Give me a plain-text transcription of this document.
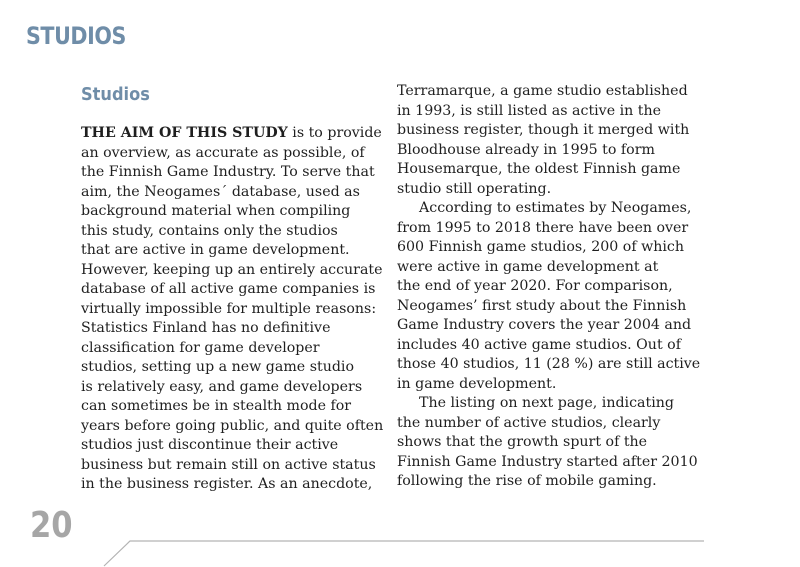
STUDIOS
Studios

THE AIM OF THIS STUDY is to provide
an overview, as accurate as possible, of
the Finnish Game Industry. To serve that
aim, the Neogames´ database, used as
background material when compiling
this study, contains only the studios
that are active in game development.
However, keeping up an entirely accurate
database of all active game companies is
virtually impossible for multiple reasons:
Statistics Finland has no definitive
classification for game developer
studios, setting up a new game studio
is relatively easy, and game developers
can sometimes be in stealth mode for
years before going public, and quite often
studios just discontinue their active
business but remain still on active status
in the business register. As an anecdote,

Terramarque, a game studio established
in 1993, is still listed as active in the
business register, though it merged with
Bloodhouse already in 1995 to form
Housemarque, the oldest Finnish game
studio still operating.

According to estimates by Neogames,
from 1995 to 2018 there have been over
600 Finnish game studios, 200 of which
were active in game development at
the end of year 2020. For comparison,
Neogames’ first study about the Finnish
Game Industry covers the year 2004 and
includes 40 active game studios. Out of
those 40 studios, 11 (28 %) are still active
in game development.

The listing on next page, indicating
the number of active studios, clearly
shows that the growth spurt of the
Finnish Game Industry started after 2010
following the rise of mobile gaming.

20
